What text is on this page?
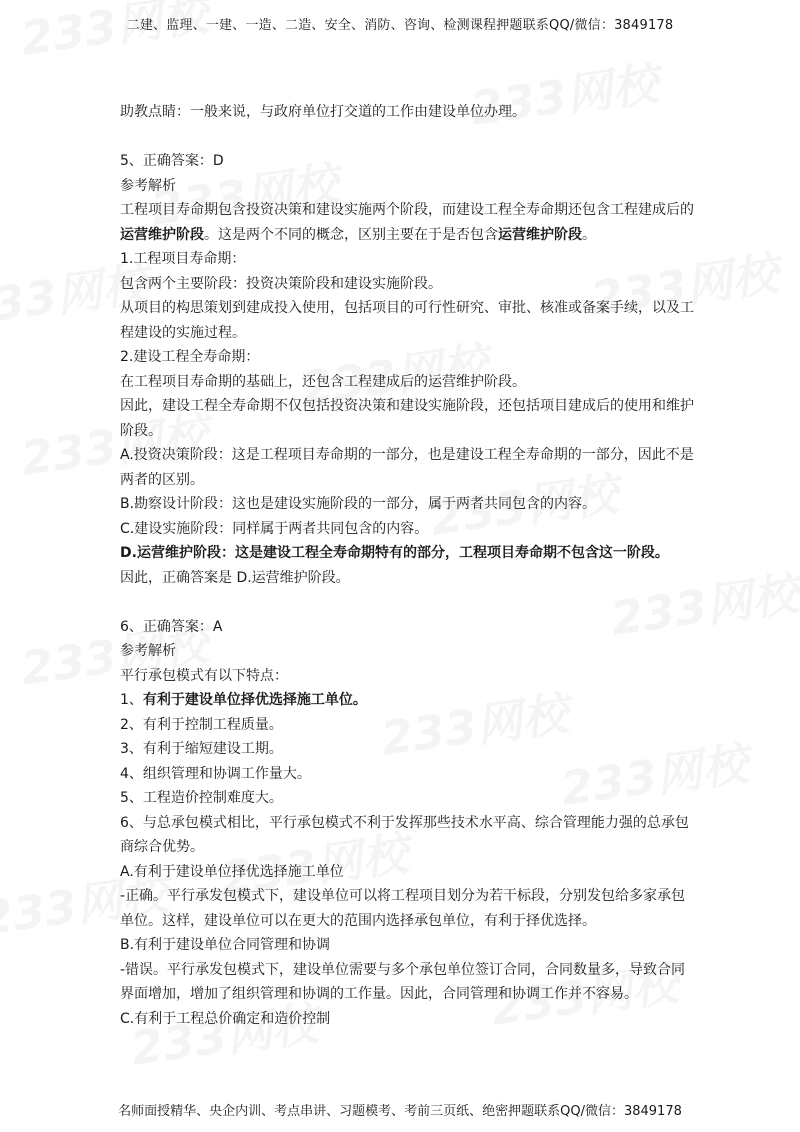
二建、监理、一建、一造、二造、安全、消防、咨询、检测课程押题联系QQ/微信：3849178

助教点睛：一般来说，与政府单位打交道的工作由建设单位办理。

5、正确答案：D

参考解析

工程项目寿命期包含投资决策和建设实施两个阶段，而建设工程全寿命期还包含工程建成后的运营维护阶段。这是两个不同的概念，区别主要在于是否包含运营维护阶段。

1.工程项目寿命期：

包含两个主要阶段：投资决策阶段和建设实施阶段。

从项目的构思策划到建成投入使用，包括项目的可行性研究、审批、核准或备案手续，以及工程建设的实施过程。

2.建设工程全寿命期：

在工程项目寿命期的基础上，还包含工程建成后的运营维护阶段。

因此，建设工程全寿命期不仅包括投资决策和建设实施阶段，还包括项目建成后的使用和维护阶段。

A.投资决策阶段：这是工程项目寿命期的一部分，也是建设工程全寿命期的一部分，因此不是两者的区别。

B.勘察设计阶段：这也是建设实施阶段的一部分，属于两者共同包含的内容。

C.建设实施阶段：同样属于两者共同包含的内容。

D.运营维护阶段：这是建设工程全寿命期特有的部分，工程项目寿命期不包含这一阶段。

因此，正确答案是 D.运营维护阶段。

6、正确答案：A

参考解析

平行承包模式有以下特点：

1、有利于建设单位择优选择施工单位。

2、有利于控制工程质量。

3、有利于缩短建设工期。

4、组织管理和协调工作量大。

5、工程造价控制难度大。

6、与总承包模式相比，平行承包模式不利于发挥那些技术水平高、综合管理能力强的总承包商综合优势。

A.有利于建设单位择优选择施工单位

-正确。平行承发包模式下，建设单位可以将工程项目划分为若干标段，分别发包给多家承包单位。这样，建设单位可以在更大的范围内选择承包单位，有利于择优选择。

B.有利于建设单位合同管理和协调

-错误。平行承发包模式下，建设单位需要与多个承包单位签订合同，合同数量多，导致合同界面增加，增加了组织管理和协调的工作量。因此，合同管理和协调工作并不容易。

C.有利于工程总价确定和造价控制

名师面授精华、央企内训、考点串讲、习题模考、考前三页纸、绝密押题联系QQ/微信：3849178
